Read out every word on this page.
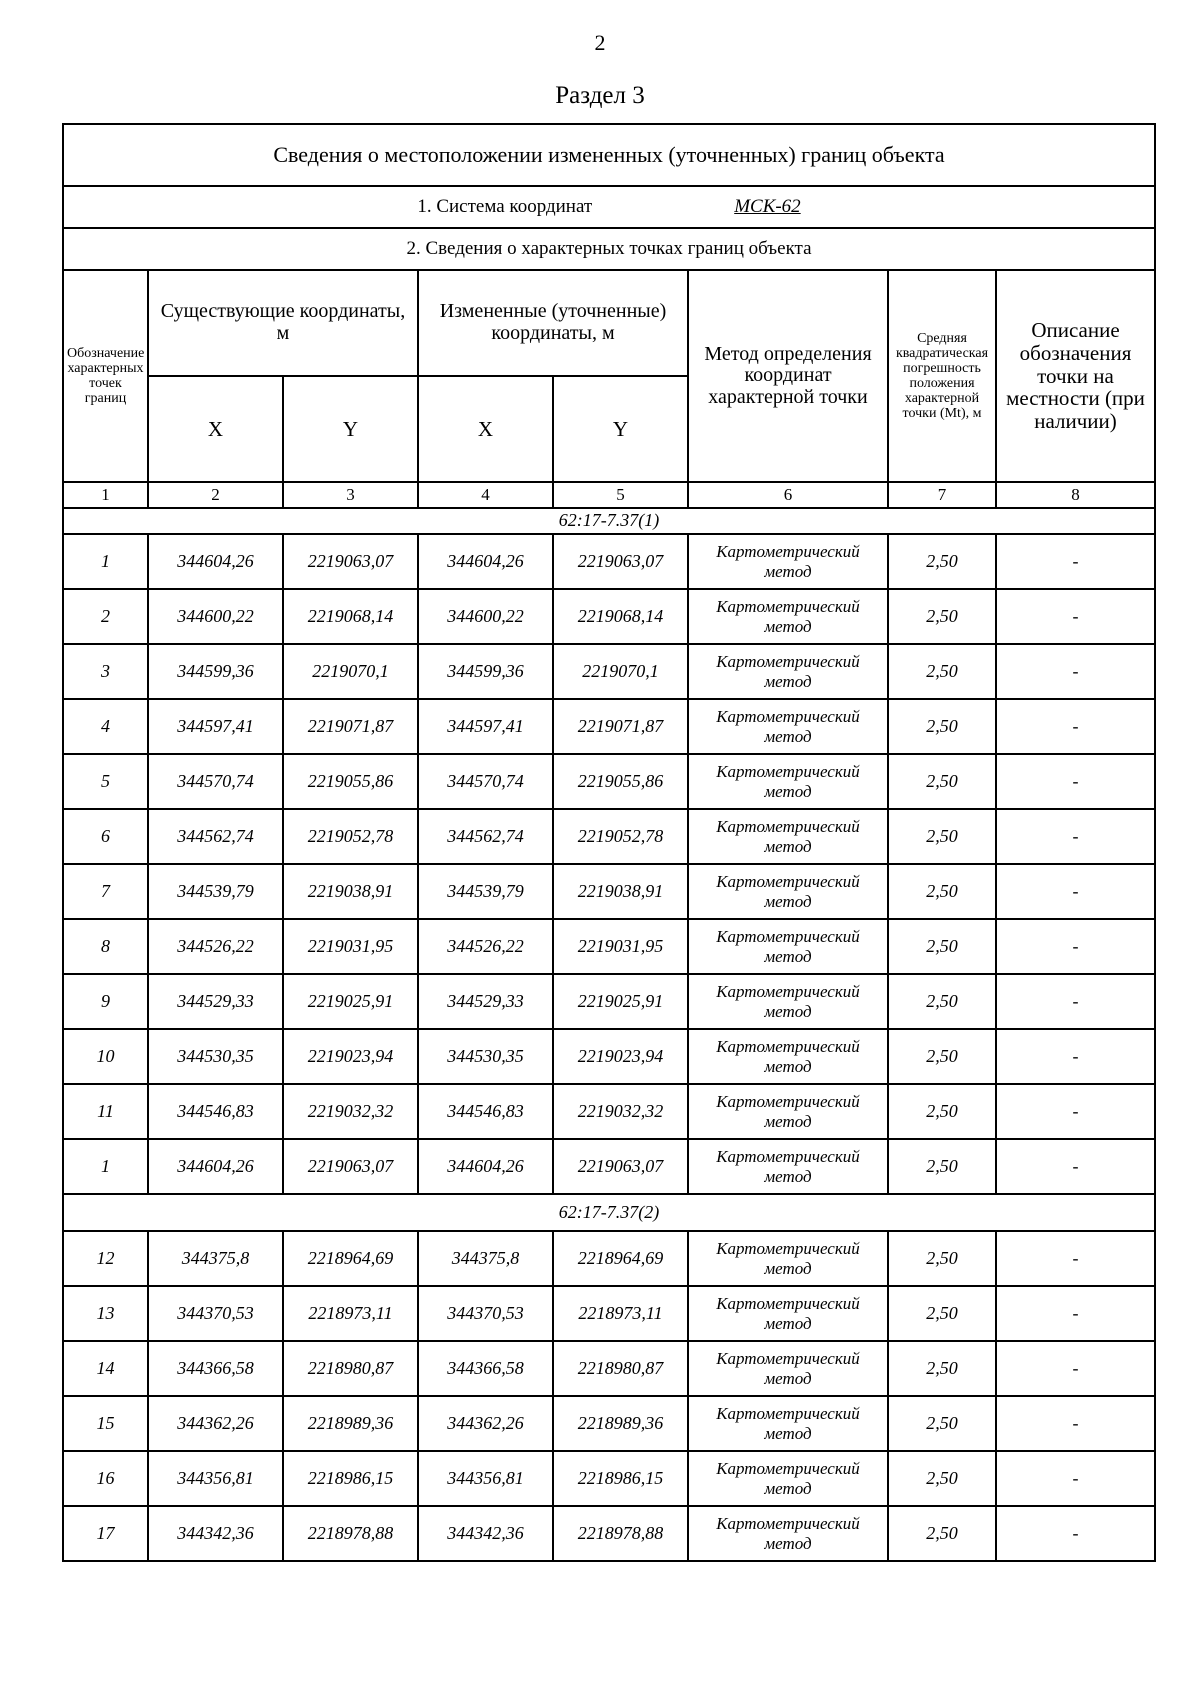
2
Раздел 3
Сведения о местоположении измененных (уточненных) границ объекта							
1. Система координат МСК-62							
2. Сведения о характерных точках границ объекта							
Обозначение характерных точек границ	Существующие координаты, м		Измененные (уточненные) координаты, м		Метод определения координат характерной точки	Средняя квадратическая погрешность положения характерной точки (Mt), м	Описание обозначения точки на местности (при наличии)
	X	Y	X	Y			
1	2	3	4	5	6	7	8
62:17-7.37(1)							
1	344604,26	2219063,07	344604,26	2219063,07	Картометрический метод	2,50	-
2	344600,22	2219068,14	344600,22	2219068,14	Картометрический метод	2,50	-
3	344599,36	2219070,1	344599,36	2219070,1	Картометрический метод	2,50	-
4	344597,41	2219071,87	344597,41	2219071,87	Картометрический метод	2,50	-
5	344570,74	2219055,86	344570,74	2219055,86	Картометрический метод	2,50	-
6	344562,74	2219052,78	344562,74	2219052,78	Картометрический метод	2,50	-
7	344539,79	2219038,91	344539,79	2219038,91	Картометрический метод	2,50	-
8	344526,22	2219031,95	344526,22	2219031,95	Картометрический метод	2,50	-
9	344529,33	2219025,91	344529,33	2219025,91	Картометрический метод	2,50	-
10	344530,35	2219023,94	344530,35	2219023,94	Картометрический метод	2,50	-
11	344546,83	2219032,32	344546,83	2219032,32	Картометрический метод	2,50	-
1	344604,26	2219063,07	344604,26	2219063,07	Картометрический метод	2,50	-
62:17-7.37(2)							
12	344375,8	2218964,69	344375,8	2218964,69	Картометрический метод	2,50	-
13	344370,53	2218973,11	344370,53	2218973,11	Картометрический метод	2,50	-
14	344366,58	2218980,87	344366,58	2218980,87	Картометрический метод	2,50	-
15	344362,26	2218989,36	344362,26	2218989,36	Картометрический метод	2,50	-
16	344356,81	2218986,15	344356,81	2218986,15	Картометрический метод	2,50	-
17	344342,36	2218978,88	344342,36	2218978,88	Картометрический метод	2,50	-
